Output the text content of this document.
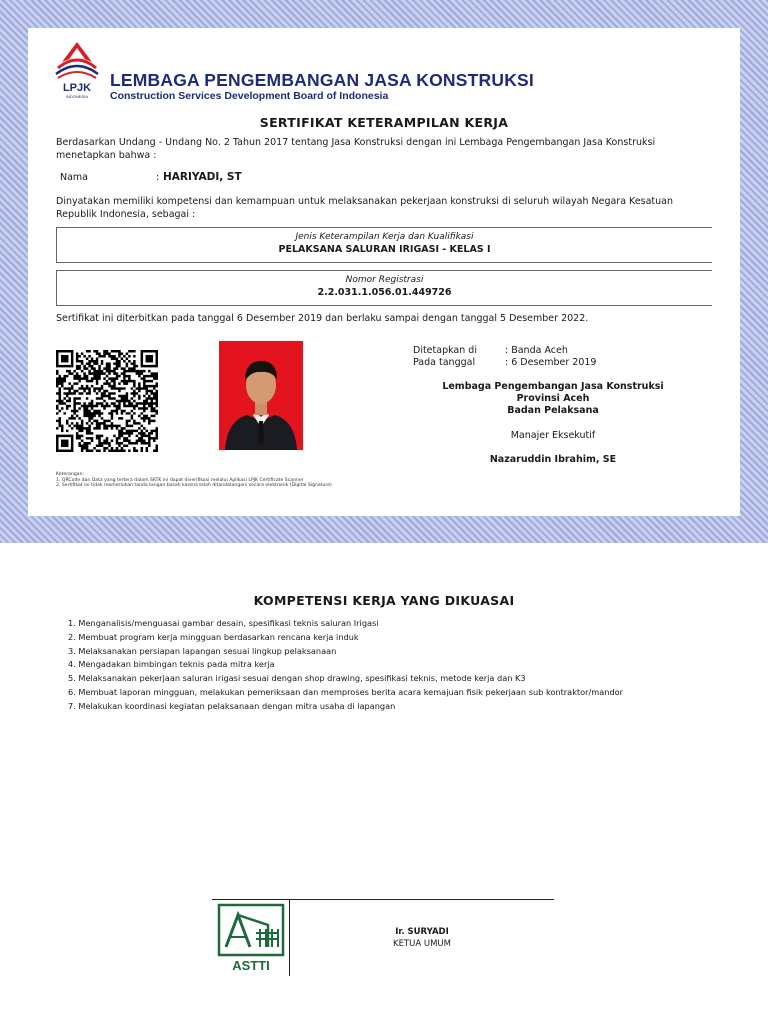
LPJK
INDONESIA
LEMBAGA PENGEMBANGAN JASA KONSTRUKSI
Construction Services Development Board of Indonesia
SERTIFIKAT KETERAMPILAN KERJA
Berdasarkan Undang - Undang No. 2 Tahun 2017 tentang Jasa Konstruksi dengan ini Lembaga Pengembangan Jasa Konstruksi menetapkan bahwa :
Nama	: HARIYADI, ST
Dinyatakan memiliki kompetensi dan kemampuan untuk melaksanakan pekerjaan konstruksi di seluruh wilayah Negara Kesatuan Republik Indonesia, sebagai :
Jenis Keterampilan Kerja dan Kualifikasi
PELAKSANA SALURAN IRIGASI - KELAS I
Nomor Registrasi
2.2.031.1.056.01.449726
Sertifikat ini diterbitkan pada tanggal 6 Desember 2019 dan berlaku sampai dengan tanggal 5 Desember 2022.
Ditetapkan di	: Banda Aceh
Pada tanggal	: 6 Desember 2019
Lembaga Pengembangan Jasa Konstruksi
Provinsi Aceh
Badan Pelaksana
Manajer Eksekutif
Nazaruddin Ibrahim, SE
Keterangan:
1. QRCode dan Data yang tertera dalam SKTK ini dapat diverifikasi melalui Aplikasi LPJK Certificate Scanner
2. Sertifikat ini tidak memerlukan tanda tangan basah karena telah ditandatangani secara elektronik (Digital Signature)
KOMPETENSI KERJA YANG DIKUASAI
1. Menganalisis/menguasai gambar desain, spesifikasi teknis saluran Irigasi
2. Membuat program kerja mingguan berdasarkan rencana kerja induk
3. Melaksanakan persiapan lapangan sesuai lingkup pelaksanaan
4. Mengadakan bimbingan teknis pada mitra kerja
5. Melaksanakan pekerjaan saluran irigasi sesuai dengan shop drawing, spesifikasi teknis, metode kerja dan K3
6. Membuat laporan mingguan, melakukan pemeriksaan dan memproses berita acara kemajuan fisik pekerjaan sub kontraktor/mandor
7. Melakukan koordinasi kegiatan pelaksanaan dengan mitra usaha di lapangan
ASTTI
Ir. SURYADI
KETUA UMUM
